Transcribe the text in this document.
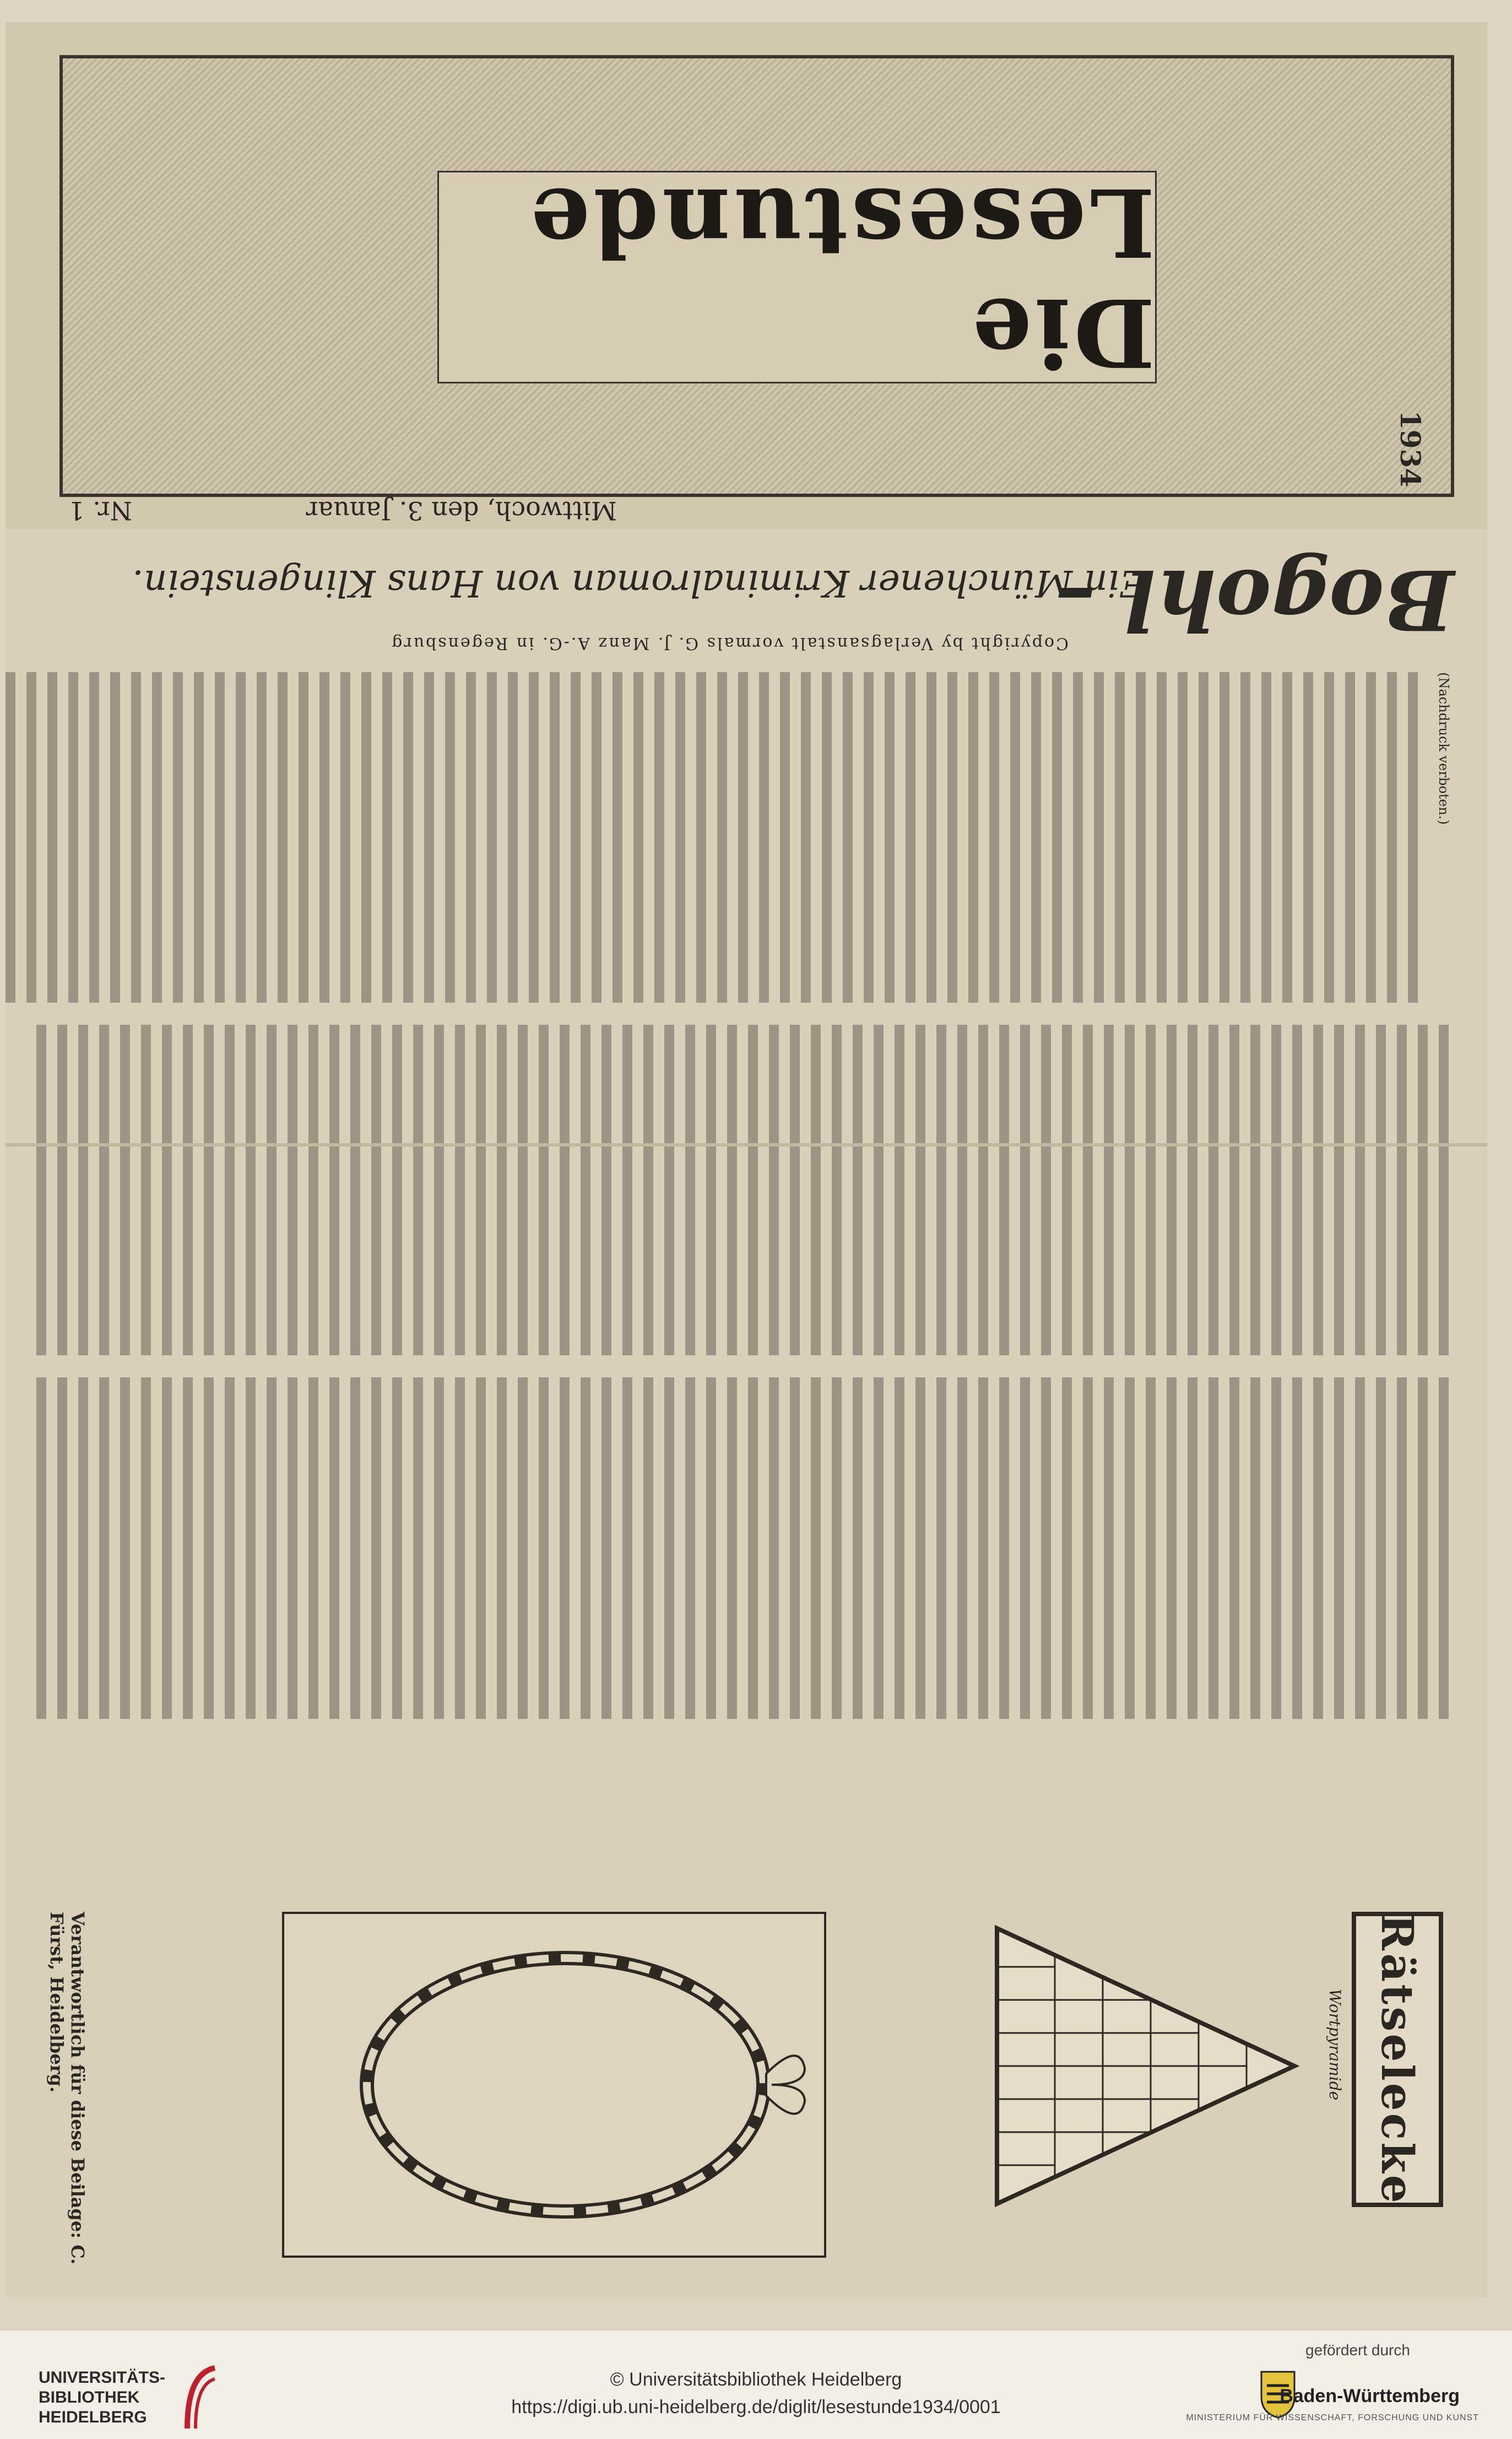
Die Lesestunde
1934
Nr. 1	Mittwoch, den 3. Januar
Bogohl –
Ein Münchener Kriminalroman von Hans Klingenstein.
Copyright by Verlagsanstalt vormals G. J. Manz A.-G. in Regensburg

(Nachdruck verboten.)

Rätselecke
Wortpyramide
Verantwortlich für diese Beilage: C. Fürst, Heidelberg.
UNIVERSITÄTS-
BIBLIOTHEK
HEIDELBERG
© Universitätsbibliothek Heidelberg
https://digi.ub.uni-heidelberg.de/diglit/lesestunde1934/0001
gefördert durch
Baden-Württemberg
MINISTERIUM FÜR WISSENSCHAFT, FORSCHUNG UND KUNST
